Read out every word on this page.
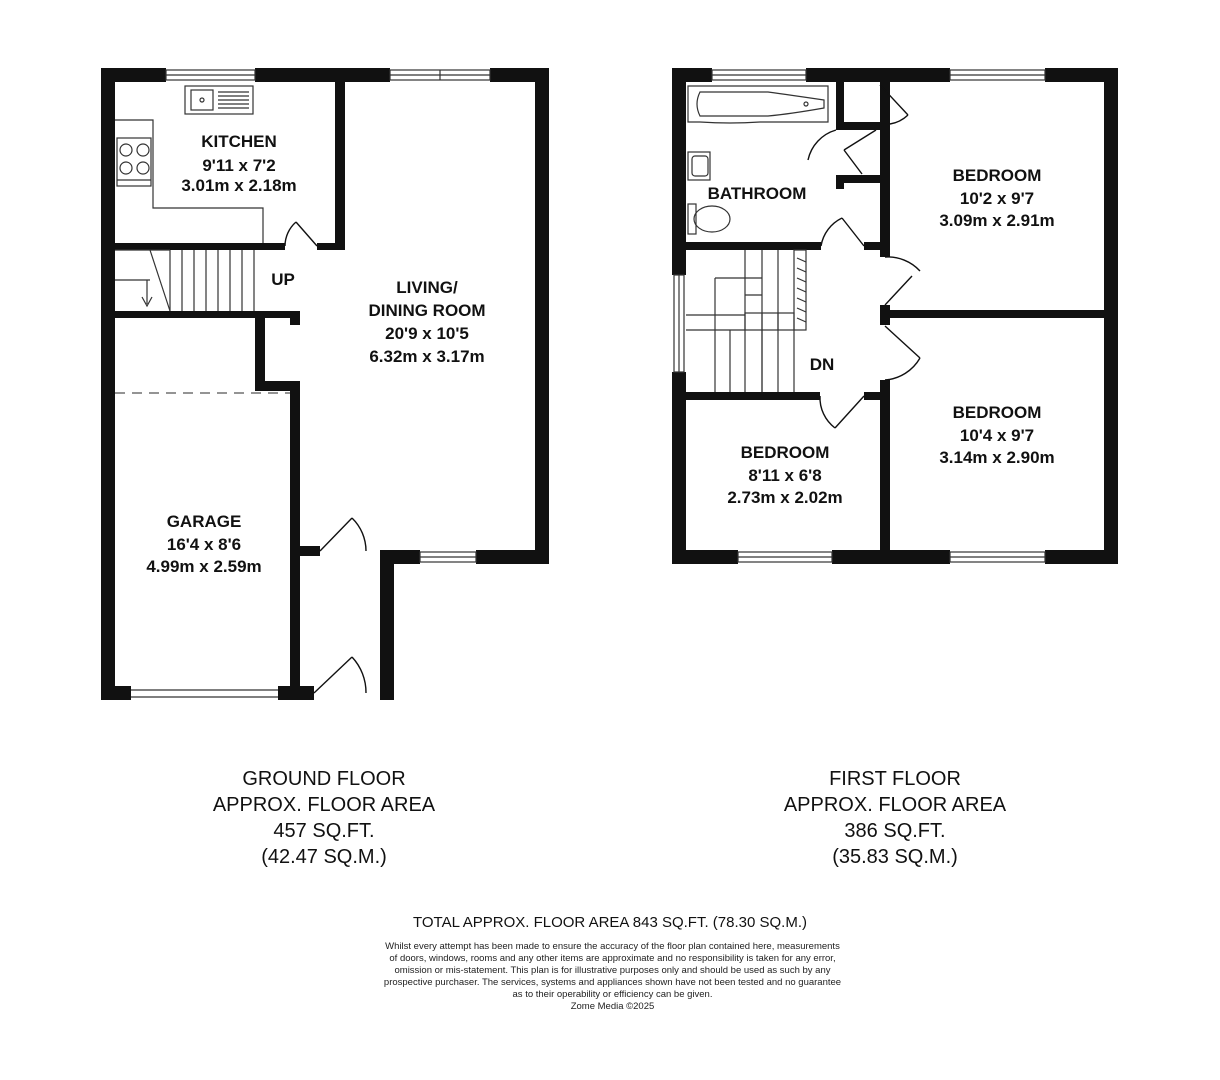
KITCHEN
9'11 x 7'2
3.01m x 2.18m
UP	LIVING/
DINING ROOM
20'9 x 10'5
6.32m x 3.17m
GARAGE
16'4 x 8'6
4.99m x 2.59m
BATHROOM
BEDROOM
10'2 x 9'7
3.09m x 2.91m
DN
BEDROOM
10'4 x 9'7
3.14m x 2.90m
BEDROOM
8'11 x 6'8
2.73m x 2.02m
GROUND FLOOR
APPROX. FLOOR AREA
457 SQ.FT.
(42.47 SQ.M.)
FIRST FLOOR
APPROX. FLOOR AREA
386 SQ.FT.
(35.83 SQ.M.)
TOTAL APPROX. FLOOR AREA 843 SQ.FT. (78.30 SQ.M.)
Whilst every attempt has been made to ensure the accuracy of the floor plan contained here, measurements
of doors, windows, rooms and any other items are approximate and no responsibility is taken for any error,
omission or mis-statement. This plan is for illustrative purposes only and should be used as such by any
prospective purchaser. The services, systems and appliances shown have not been tested and no guarantee
as to their operability or efficiency can be given.
Zome Media ©2025
